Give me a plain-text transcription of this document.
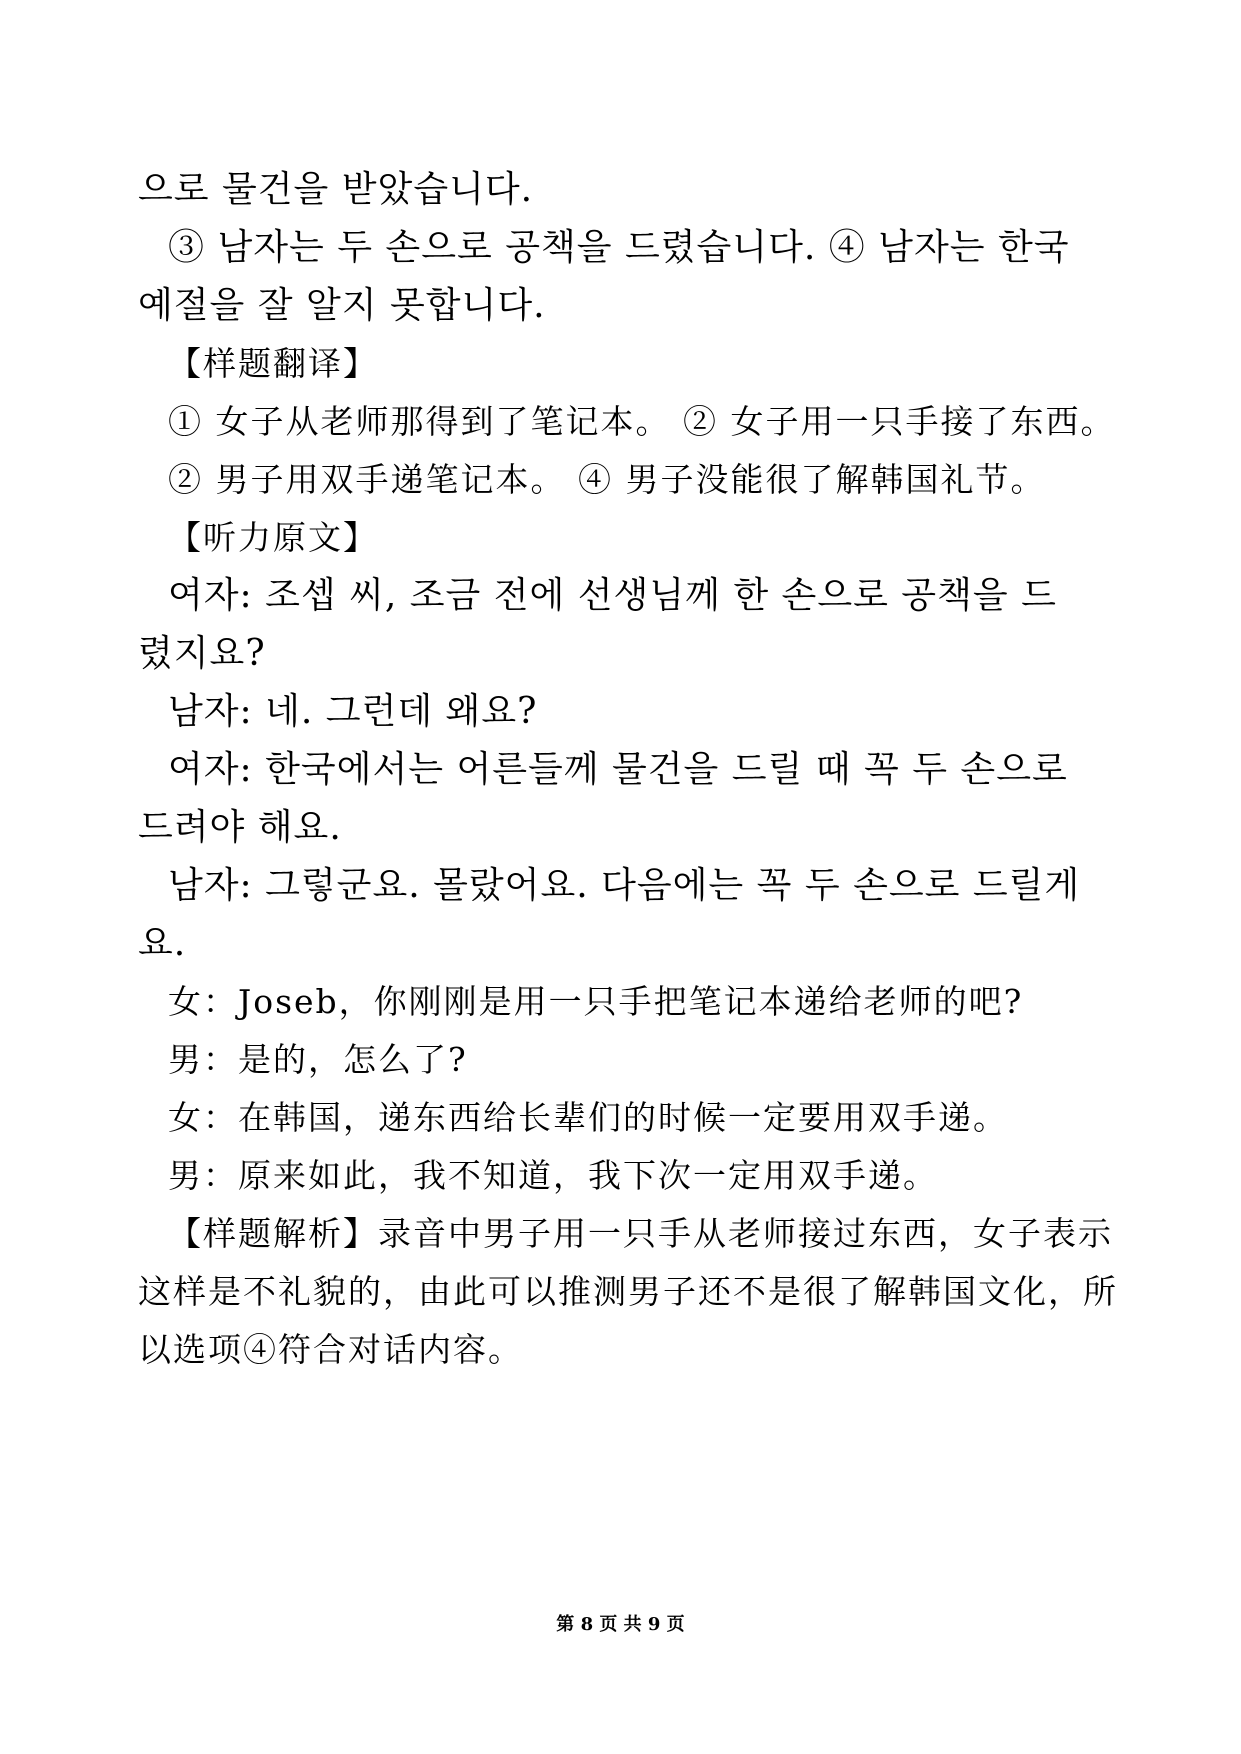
으로 물건을 받았습니다.
③ 남자는 두 손으로 공책을 드렸습니다. ④ 남자는 한국
예절을 잘 알지 못합니다.
【样题翻译】
① 女子从老师那得到了笔记本。 ② 女子用一只手接了东西。
② 男子用双手递笔记本。 ④ 男子没能很了解韩国礼节。
【听力原文】
여자: 조셉 씨, 조금 전에 선생님께 한 손으로 공책을 드
렸지요?
남자: 네. 그런데 왜요?
여자: 한국에서는 어른들께 물건을 드릴 때 꼭 두 손으로
드려야 해요.
남자: 그렇군요. 몰랐어요. 다음에는 꼭 두 손으로 드릴게
요.
女：Joseb，你刚刚是用一只手把笔记本递给老师的吧?
男：是的，怎么了?
女：在韩国，递东西给长辈们的时候一定要用双手递。
男：原来如此，我不知道，我下次一定用双手递。
【样题解析】录音中男子用一只手从老师接过东西，女子表示
这样是不礼貌的，由此可以推测男子还不是很了解韩国文化，所
以选项④符合对话内容。
第 8 页 共 9 页
